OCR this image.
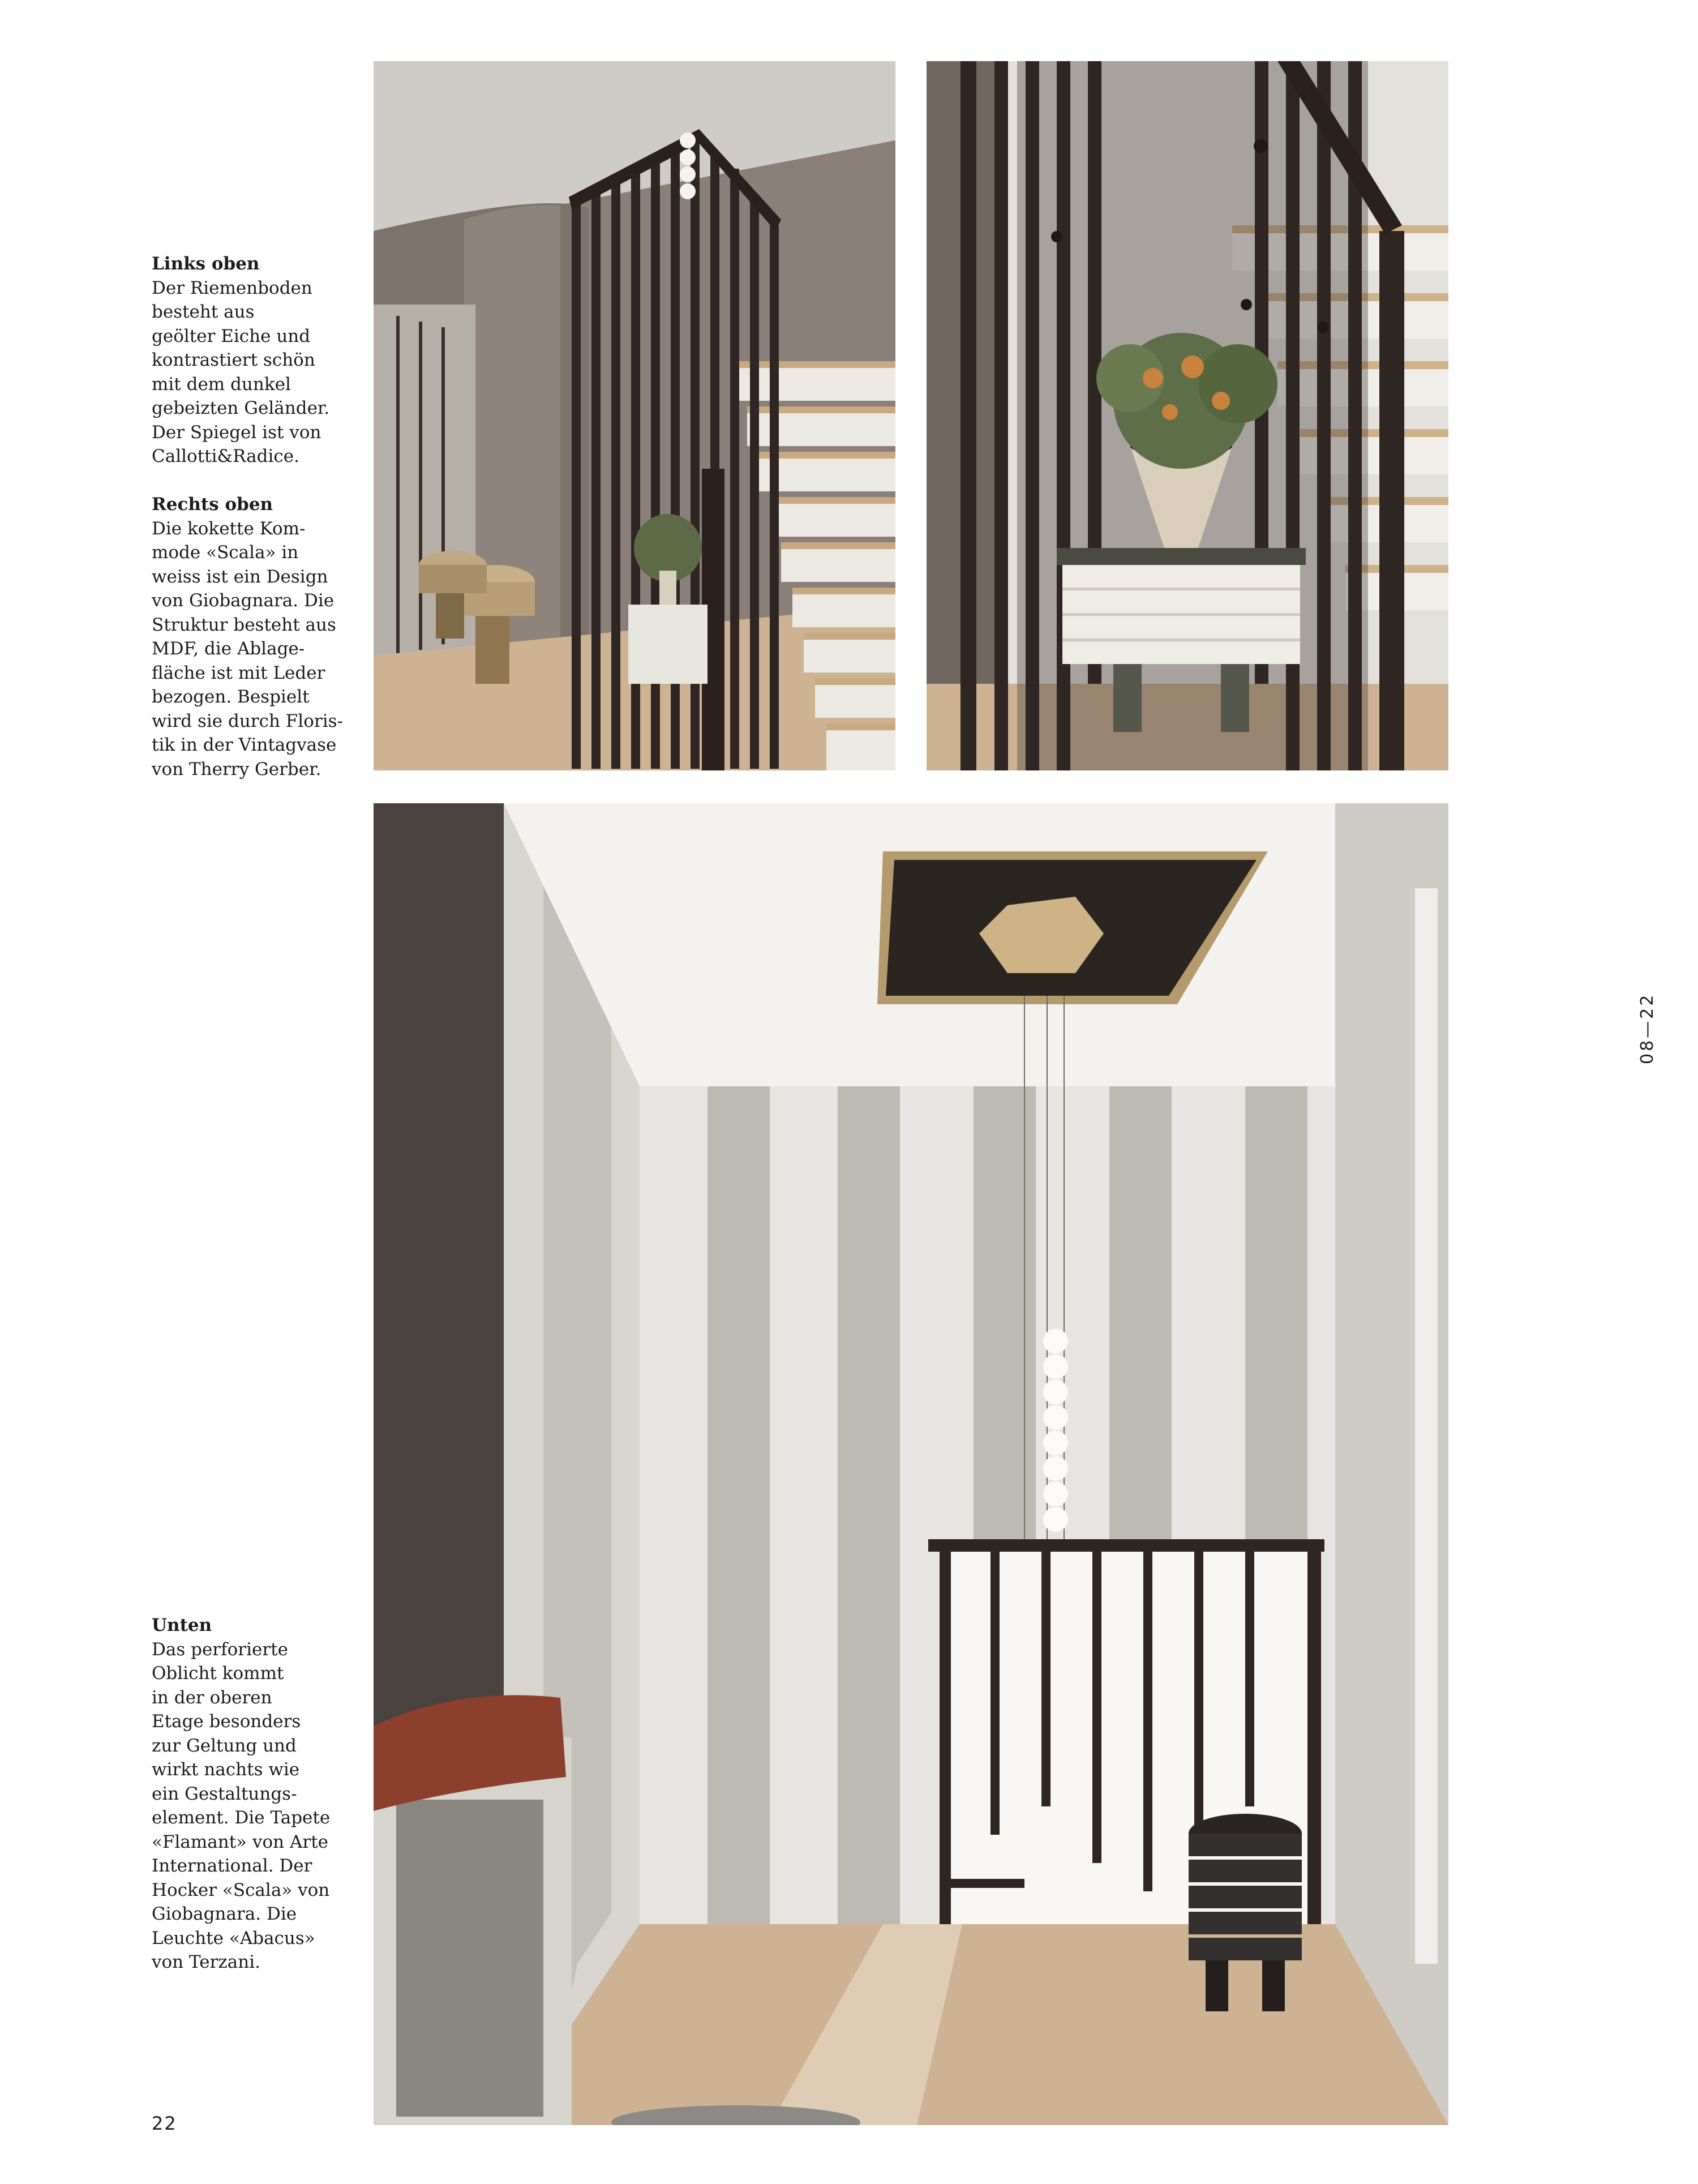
Links oben
Der Riemenboden
besteht aus
geölter Eiche und
kontrastiert schön
mit dem dunkel
gebeizten Geländer.
Der Spiegel ist von
Callotti&Radice.
Rechts oben
Die kokette Kom-
mode «Scala» in
weiss ist ein Design
von Giobagnara. Die
Struktur besteht aus
MDF, die Ablage-
fläche ist mit Leder
bezogen. Bespielt
wird sie durch Floris-
tik in der Vintagvase
von Therry Gerber.
Unten
Das perforierte
Oblicht kommt
in der oberen
Etage besonders
zur Geltung und
wirkt nachts wie
ein Gestaltungs-
element. Die Tapete
«Flamant» von Arte
International. Der
Hocker «Scala» von
Giobagnara. Die
Leuchte «Abacus»
von Terzani.
22
08—22
